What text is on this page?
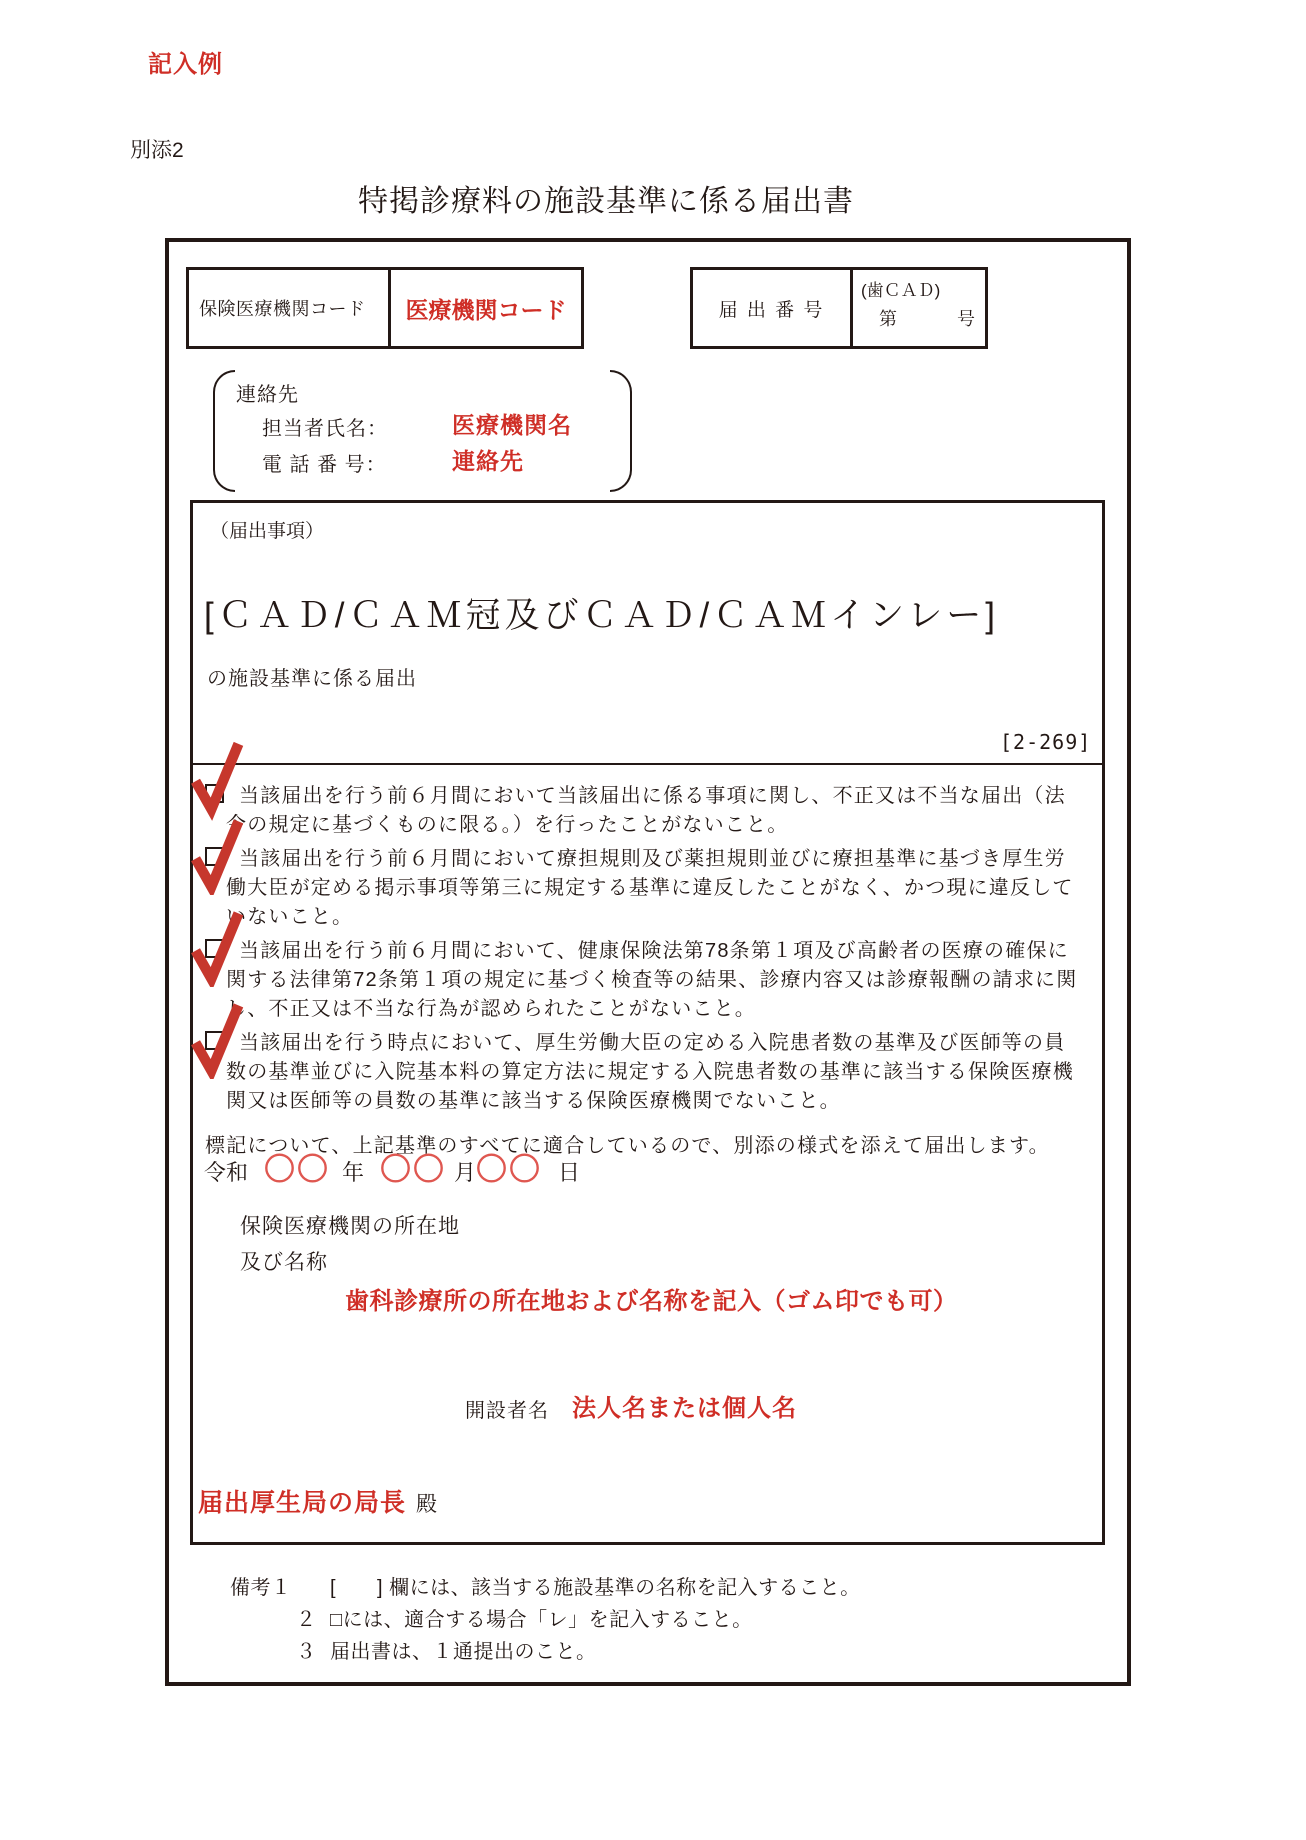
記入例
別添2
特掲診療料の施設基準に係る届出書
保険医療機関コード	医療機関コード	届 出 番 号
(歯ＣＡＤ)
第	号
連絡先
担当者氏名：	医療機関名
電 話 番 号：	連絡先
（届出事項）
[ＣＡＤ/ＣＡＭ冠及びＣＡＤ/ＣＡＭインレー]
の施設基準に係る届出
[2-269]
当該届出を行う前６月間において当該届出に係る事項に関し、不正又は不当な届出（法
令の規定に基づくものに限る。）を行ったことがないこと。
当該届出を行う前６月間において療担規則及び薬担規則並びに療担基準に基づき厚生労
働大臣が定める掲示事項等第三に規定する基準に違反したことがなく、かつ現に違反して
いないこと。
当該届出を行う前６月間において、健康保険法第78条第１項及び高齢者の医療の確保に
関する法律第72条第１項の規定に基づく検査等の結果、診療内容又は診療報酬の請求に関
し、不正又は不当な行為が認められたことがないこと。
当該届出を行う時点において、厚生労働大臣の定める入院患者数の基準及び医師等の員
数の基準並びに入院基本料の算定方法に規定する入院患者数の基準に該当する保険医療機
関又は医師等の員数の基準に該当する保険医療機関でないこと。
標記について、上記基準のすべてに適合しているので、別添の様式を添えて届出します。
令和 〇〇 年 〇〇 月 〇〇 日
保険医療機関の所在地
及び名称
歯科診療所の所在地および名称を記入（ゴム印でも可）
開設者名 法人名または個人名
届出厚生局の局長 殿
備考１	[　　] 欄には、該当する施設基準の名称を記入すること。
２ □には、適合する場合「レ」を記入すること。
３ 届出書は、１通提出のこと。
